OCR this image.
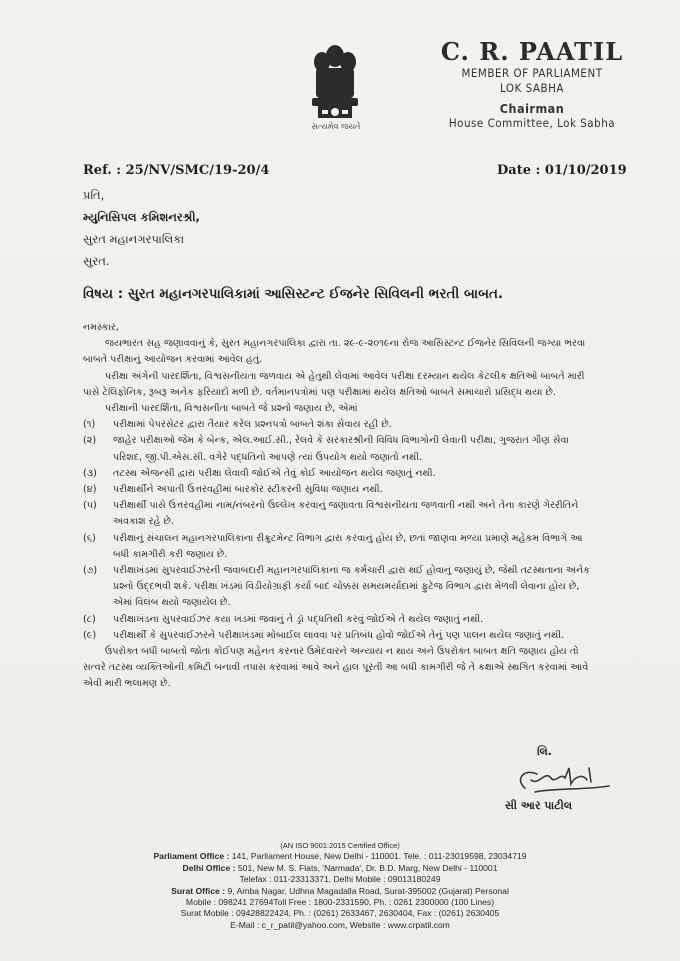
સત્યમેવ જયતે
C. R. PAATIL
MEMBER OF PARLIAMENT
LOK SABHA
Chairman
House Committee, Lok Sabha
Ref. : 25/NV/SMC/19-20/4	Date : 01/10/2019
પ્રતિ,
મ્યુનિસિપલ કમિશનરશ્રી,
સુરત મહાનગરપાલિકા
સુરત.
વિષય : સુરત મહાનગરપાલિકામાં આસિસ્ટન્ટ ઈજનેર સિવિલની ભરતી બાબત.

નમસ્કાર,

જયભારત સહ જણાવવાનું કે, સુરત મહાનગરપાલિકા દ્વારા તા. ૨૯-૯-૨૦૧૯ના રોજ આસિસ્ટન્ટ ઈજનેર સિવિલની જગ્યા ભરવા બાબતે પરીક્ષાનું આયોજન કરવામાં આવેલ હતું.

પરીક્ષા અંગેની પારદર્શિતા, વિશ્વસનીયતા જળવાય એ હેતુથી લેવામાં આવેલ પરીક્ષા દરમ્યાન થયેલ કેટલીક ક્ષતિઓ બાબતે મારી પાસે ટેલિફોનિક, રૂબરૂ અનેક ફરિયાદો મળી છે. વર્તમાનપત્રોમાં પણ પરીક્ષામાં થયેલ ક્ષતિઓ બાબતે સમાચારો પ્રસિદ્ધ થયા છે.

પરીક્ષાની પારદર્શિતા, વિશ્વસનીતા બાબતે જે પ્રશ્નો જણાય છે, એમાં

(૧)	પરીક્ષામાં પેપરસેટર દ્વારા તૈયાર કરેલ પ્રશ્નપત્રો બાબતે શંકા સેવાય રહી છે.
(૨)	જાહેર પરીક્ષાઓ જેમ કે બેન્ક, એલ.આઈ.સી., રેલવે કે સરકારશ્રીની વિવિધ વિભાગોની લેવાતી પરીક્ષા, ગુજરાત ગૌણ સેવા પરિશદ, જી.પી.એસ.સી. વગેરે પદ્ધતિનો આપણે ત્યાં ઉપયોગ થયો જણાતો નથી.
(૩)	તટસ્થ એજન્સી દ્વારા પરીક્ષા લેવાવી જોઈએ તેવું કોઈ આયોજન થયેલ જણાતું નથી.
(૪)	પરીક્ષાર્થીને અપાતી ઉત્તરવહીમાં બારકોર સ્ટીકરની સુવિધા જણાય નથી.
(૫)	પરીક્ષાર્થી પાસે ઉત્તરવહીમાં નામ/નંબરનો ઉલ્લેખ કરવાનું જણાવતા વિશ્વસનીયતા જળવાતી નથી અને તેના કારણે ગેરરીતિને અવકાશ રહે છે.
(૬)	પરીક્ષાનું સંચાલન મહાનગરપાલિકાના રીક્રુટમેન્ટ વિભાગ દ્વારા કરવાનું હોય છે, છતાં જાણવા મળ્યા પ્રમાણે મહેકમ વિભાગે આ બધી કામગીરી કરી જણાય છે.
(૭)	પરીક્ષાખંડમાં સુપરવાઈઝરની જવાબદારી મહાનગરપાલિકાના જ કર્મચારી દ્વારા થઈ હોવાનું જણાયું છે, જેથી તટસ્થતાના અનેક પ્રશ્નો ઉદ્દભવી શકે. પરીક્ષા ખંડમાં વિડીયોગ્રાફી કર્યા બાદ ચોક્કસ સમયમર્યાદામાં ફુટેજ વિભાગ દ્વારા મેળવી લેવાના હોય છે, એમાં વિલંબ થયો જણાયેલ છે.
(૮)	પરીક્ષાખંડના સુપરવાઈઝર કયા ખંડમાં જવાનું તે ડ્રૉ પદ્ધતિથી કરવું જોઈએ તે થયેલ જણાતું નથી.
(૯)	પરીક્ષાર્થી કે સુપરવાઈઝરને પરીક્ષાખંડમાં મોબાઈલ લાવવા પર પ્રતિબંધ હોવો જોઈએ તેનું પણ પાલન થયેલ જણાતું નથી.

ઉપરોક્ત બધી બાબતો જોતા કોઈપણ મહેનત કરનાર ઉમેદવારને અન્યાય ન થાય અને ઉપરોક્ત બાબત ક્ષતિ જણાય હોય તો સત્વરે તટસ્થ વ્યક્તિઓની કમિટી બનાવી તપાસ કરવામાં આવે અને હાલ પૂરતી આ બધી કામગીરી જે તે કક્ષાએ સ્થગિત કરવામાં આવે એવી મારી ભલામણ છે.

લિ.
સી આર પાટીલ
(AN ISO 9001:2015 Certified Office)
Parliament Office : 141, Parliament House, New Delhi - 110001. Tele. : 011-23019598, 23034719
Delhi Office : 501, New M. S. Flats, 'Narmada', Dr. B.D. Marg, New Delhi - 110001
Telefax : 011-23313371, Delhi Mobile : 09013180249
Surat Office : 9, Amba Nagar, Udhna Magadalla Road, Surat-395002 (Gujarat) Personal
Mobile : 098241 27694Toll Free : 1800-2331590, Ph. : 0261 2300000 (100 Lines)
Surat Mobile : 09428822424, Ph. : (0261) 2633467, 2630404, Fax : (0261) 2630405
E-Mail : c_r_patil@yahoo.com, Website : www.crpatil.com
